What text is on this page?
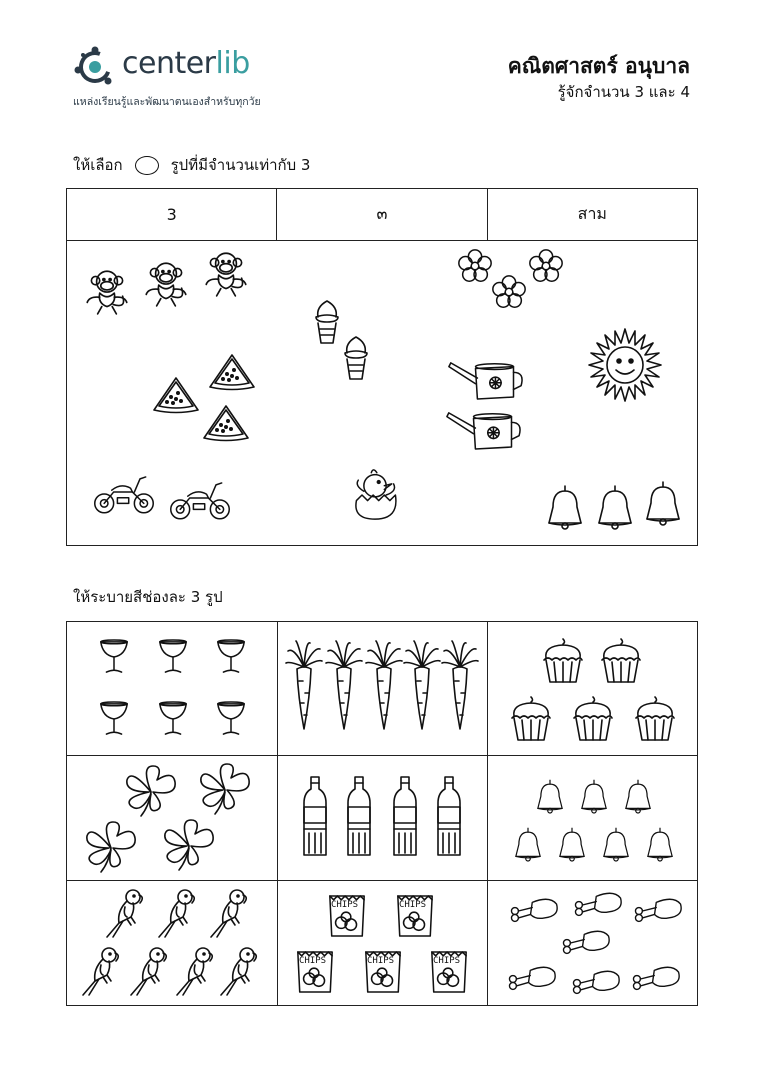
centerlib
แหล่งเรียนรู้และพัฒนาตนเองสำหรับทุกวัย
คณิตศาสตร์ อนุบาล
รู้จักจำนวน 3 และ 4
ให้เลือก	รูปที่มีจำนวนเท่ากับ 3
3	๓	สาม
ให้ระบายสีช่องละ 3 รูป
CHIPS	CHIPS
CHIPS	CHIPS	CHIPS
